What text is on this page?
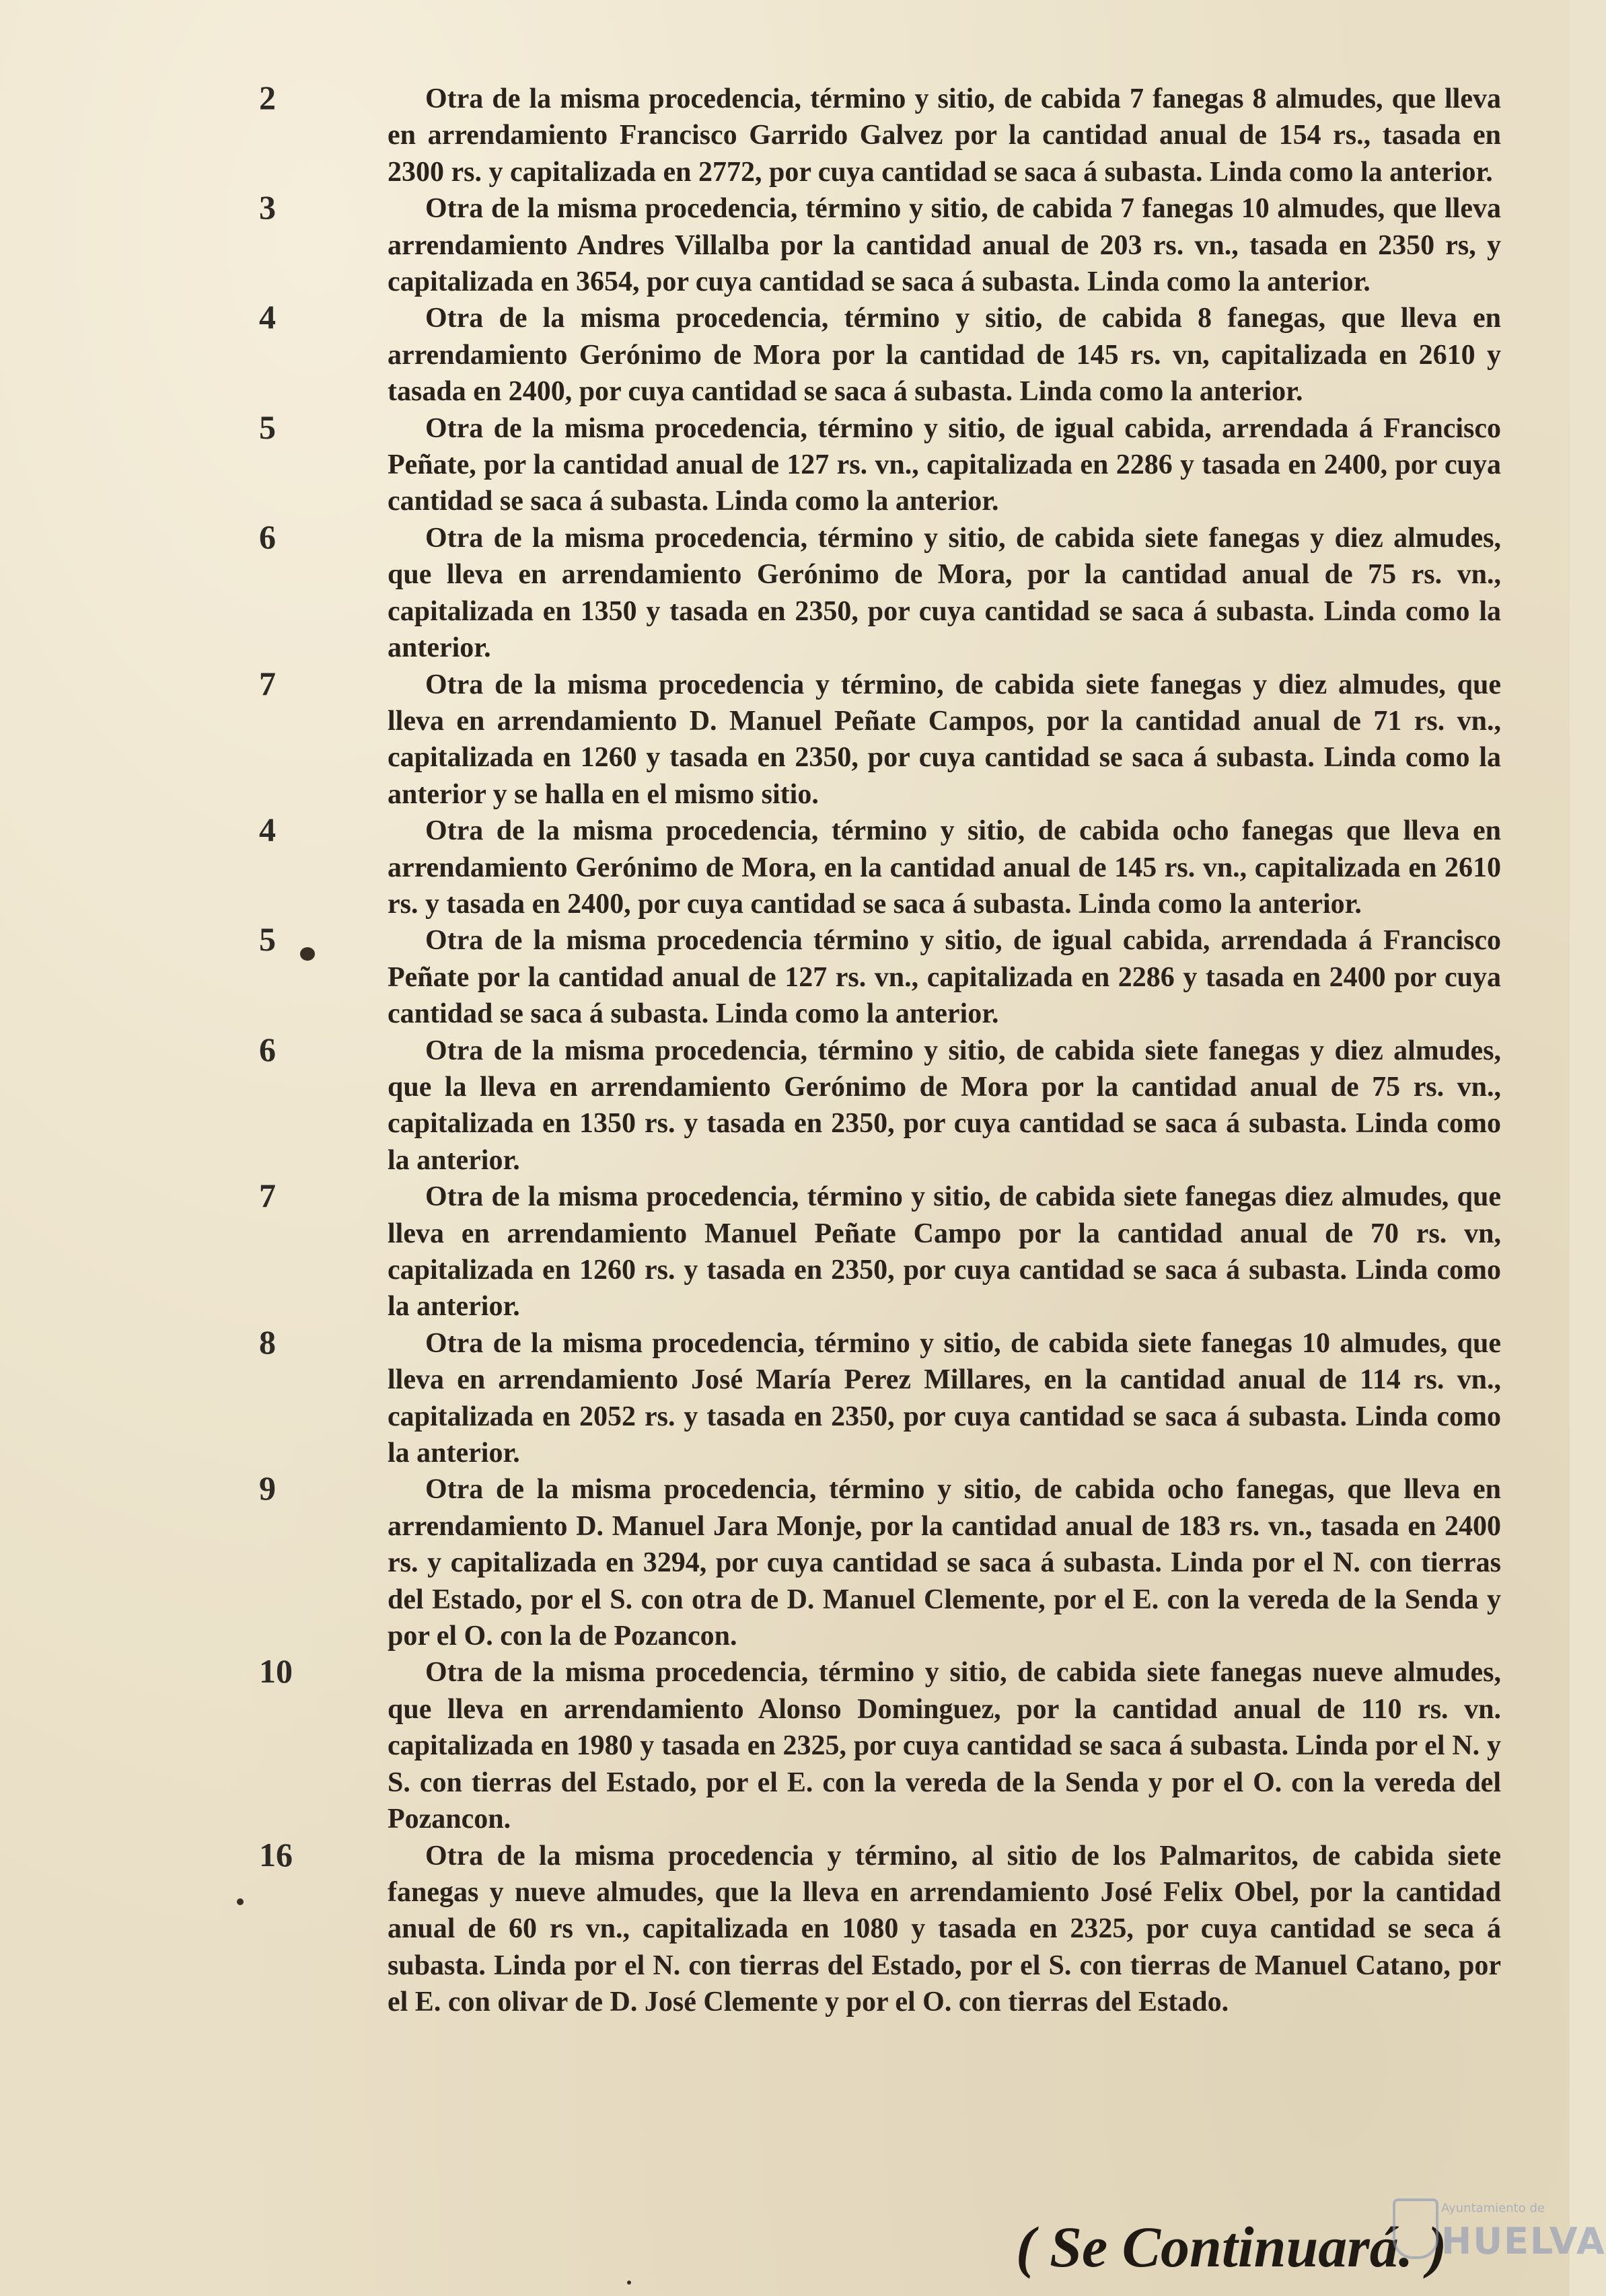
2	Otra de la misma procedencia, término y sitio, de cabida 7 fanegas 8 almudes, que lleva en arrendamiento Francisco Garrido Galvez por la cantidad anual de 154 rs., tasada en 2300 rs. y capitalizada en 2772, por cuya cantidad se saca á subasta. Linda como la anterior.

3	Otra de la misma procedencia, término y sitio, de cabida 7 fanegas 10 almudes, que lleva arrendamiento Andres Villalba por la cantidad anual de 203 rs. vn., tasada en 2350 rs, y capitalizada en 3654, por cuya cantidad se saca á subasta. Linda como la anterior.

4	Otra de la misma procedencia, término y sitio, de cabida 8 fanegas, que lleva en arrendamiento Gerónimo de Mora por la cantidad de 145 rs. vn, capitalizada en 2610 y tasada en 2400, por cuya cantidad se saca á subasta. Linda como la anterior.

5	Otra de la misma procedencia, término y sitio, de igual cabida, arrendada á Francisco Peñate, por la cantidad anual de 127 rs. vn., capitalizada en 2286 y tasada en 2400, por cuya cantidad se saca á subasta. Linda como la anterior.

6	Otra de la misma procedencia, término y sitio, de cabida siete fanegas y diez almudes, que lleva en arrendamiento Gerónimo de Mora, por la cantidad anual de 75 rs. vn., capitalizada en 1350 y tasada en 2350, por cuya cantidad se saca á subasta. Linda como la anterior.

7	Otra de la misma procedencia y término, de cabida siete fanegas y diez almudes, que lleva en arrendamiento D. Manuel Peñate Campos, por la cantidad anual de 71 rs. vn., capitalizada en 1260 y tasada en 2350, por cuya cantidad se saca á subasta. Linda como la anterior y se halla en el mismo sitio.

4	Otra de la misma procedencia, término y sitio, de cabida ocho fanegas que lleva en arrendamiento Gerónimo de Mora, en la cantidad anual de 145 rs. vn., capitalizada en 2610 rs. y tasada en 2400, por cuya cantidad se saca á subasta. Linda como la anterior.

5	Otra de la misma procedencia término y sitio, de igual cabida, arrendada á Francisco Peñate por la cantidad anual de 127 rs. vn., capitalizada en 2286 y tasada en 2400 por cuya cantidad se saca á subasta. Linda como la anterior.

6	Otra de la misma procedencia, término y sitio, de cabida siete fanegas y diez almudes, que la lleva en arrendamiento Gerónimo de Mora por la cantidad anual de 75 rs. vn., capitalizada en 1350 rs. y tasada en 2350, por cuya cantidad se saca á subasta. Linda como la anterior.

7	Otra de la misma procedencia, término y sitio, de cabida siete fanegas diez almudes, que lleva en arrendamiento Manuel Peñate Campo por la cantidad anual de 70 rs. vn, capitalizada en 1260 rs. y tasada en 2350, por cuya cantidad se saca á subasta. Linda como la anterior.

8	Otra de la misma procedencia, término y sitio, de cabida siete fanegas 10 almudes, que lleva en arrendamiento José María Perez Millares, en la cantidad anual de 114 rs. vn., capitalizada en 2052 rs. y tasada en 2350, por cuya cantidad se saca á subasta. Linda como la anterior.

9	Otra de la misma procedencia, término y sitio, de cabida ocho fanegas, que lleva en arrendamiento D. Manuel Jara Monje, por la cantidad anual de 183 rs. vn., tasada en 2400 rs. y capitalizada en 3294, por cuya cantidad se saca á subasta. Linda por el N. con tierras del Estado, por el S. con otra de D. Manuel Clemente, por el E. con la vereda de la Senda y por el O. con la de Pozancon.

10	Otra de la misma procedencia, término y sitio, de cabida siete fanegas nueve almudes, que lleva en arrendamiento Alonso Dominguez, por la cantidad anual de 110 rs. vn. capitalizada en 1980 y tasada en 2325, por cuya cantidad se saca á subasta. Linda por el N. y S. con tierras del Estado, por el E. con la vereda de la Senda y por el O. con la vereda del Pozancon.

16	Otra de la misma procedencia y término, al sitio de los Palmaritos, de cabida siete fanegas y nueve almudes, que la lleva en arrendamiento José Felix Obel, por la cantidad anual de 60 rs vn., capitalizada en 1080 y tasada en 2325, por cuya cantidad se seca á subasta. Linda por el N. con tierras del Estado, por el S. con tierras de Manuel Catano, por el E. con olivar de D. José Clemente y por el O. con tierras del Estado.

( Se Continuará. )
Ayuntamiento de
HUELVA
